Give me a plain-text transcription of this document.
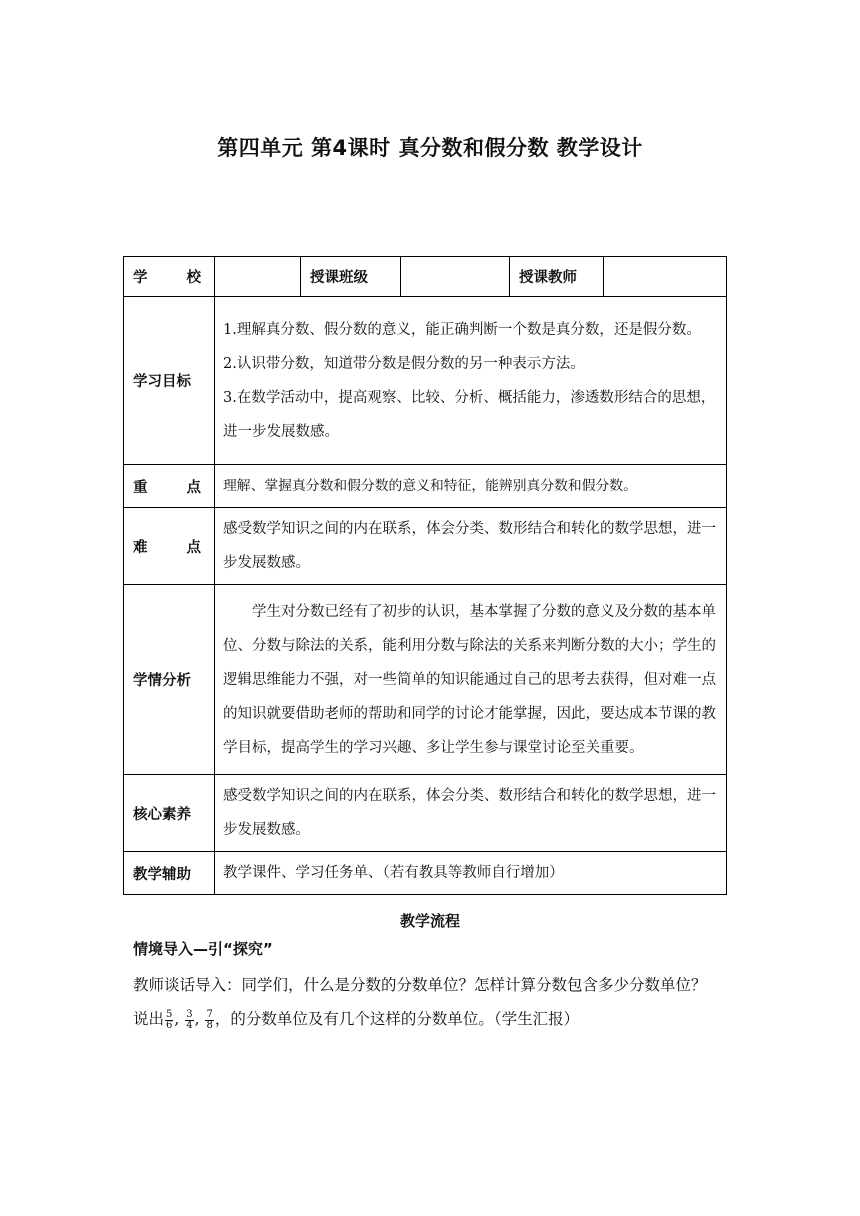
第四单元 第4课时 真分数和假分数 教学设计
学 校		授课班级		授课教师	
学习目标	1.理解真分数、假分数的意义，能正确判断一个数是真分数，还是假分数。

2.认识带分数，知道带分数是假分数的另一种表示方法。

3.在数学活动中，提高观察、比较、分析、概括能力，渗透数形结合的思想，进一步发展数感。				

重 点	理解、掌握真分数和假分数的意义和特征，能辨别真分数和假分数。				

难 点	感受数学知识之间的内在联系，体会分类、数形结合和转化的数学思想，进一步发展数感。				
学情分析	学生对分数已经有了初步的认识，基本掌握了分数的意义及分数的基本单位、分数与除法的关系，能利用分数与除法的关系来判断分数的大小；学生的逻辑思维能力不强，对一些简单的知识能通过自己的思考去获得，但对难一点的知识就要借助老师的帮助和同学的讨论才能掌握，因此，要达成本节课的教学目标，提高学生的学习兴趣、多让学生参与课堂讨论至关重要。				

核心素养	感受数学知识之间的内在联系，体会分类、数形结合和转化的数学思想，进一步发展数感。				
教学辅助	教学课件、学习任务单、（若有教具等教师自行增加）				
教学流程
情境导入—引“探究”

教师谈话导入：同学们，什么是分数的分数单位？怎样计算分数包含多少分数单位？

说出 $\frac{5}{6}$ , $\frac{3}{4}$ , $\frac{7}{8}$ ，的分数单位及有几个这样的分数单位。（学生汇报）
